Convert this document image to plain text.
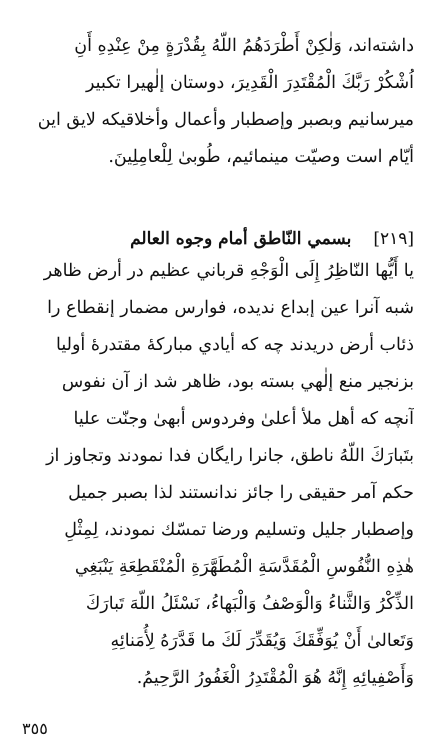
داشته‌اند، وَلٰكِنْ أَطْرَدَهُمُ اللّهُ بِقُدْرَةٍ مِنْ عِنْدِهِ أَنِ
اُشْكُرْ رَبَّكَ الْمُقْتَدِرَ الْقَدِيرَ، دوستان إلٰهيرا تكبير
ميرسانيم وبصبر وإصطبار وأعمال وأخلاقيكه لايق اين
أيّام است وصيّت مينمائيم، طُوبىٰ لِلْعامِلِينَ.
[٢١٩]
بسمي النّاطق أمام وجوه العالم
يا أَيُّها النّاظِرُ إِلَى الْوَجْهِ قرباني عظيم در أرض ظاهر
شبه آنرا عين إبداع نديده، فوارس مضمار إنقطاع را
ذئاب أرض دريدند چه كه أيادي مباركهٔ مقتدرهٔ أوليا
بزنجير منع إلٰهي بسته بود، ظاهر شد از آن نفوس
آنچه كه أهل ملأ أعلىٰ وفردوس أبهىٰ وجنّت عليا
بتَبارَكَ اللّهُ ناطق، جانرا رايگان فدا نمودند وتجاوز از
حكم آمر حقيقى را جائز ندانستند لذا بصبر جميل
وإصطبار جليل وتسليم ورضا تمسّك نمودند، لِمِثْلِ
هٰذِهِ النُّفُوسِ الْمُقَدَّسَةِ الْمُطَهَّرَةِ الْمُنْقَطِعَةِ يَنْبَغِي
الذِّكْرُ وَالثَّناءُ وَالْوَصْفُ وَالْبَهاءُ، نَسْئَلُ اللّهَ تَبارَكَ
وَتَعالىٰ أَنْ يُوَفِّقَكَ وَيُقَدِّرَ لَكَ ما قَدَّرَهُ لِأُمَنائِهِ
وَأَصْفِيائِهِ إِنَّهُ هُوَ الْمُقْتَدِرُ الْغَفُورُ الرَّحِيمُ.
٣٥٥
